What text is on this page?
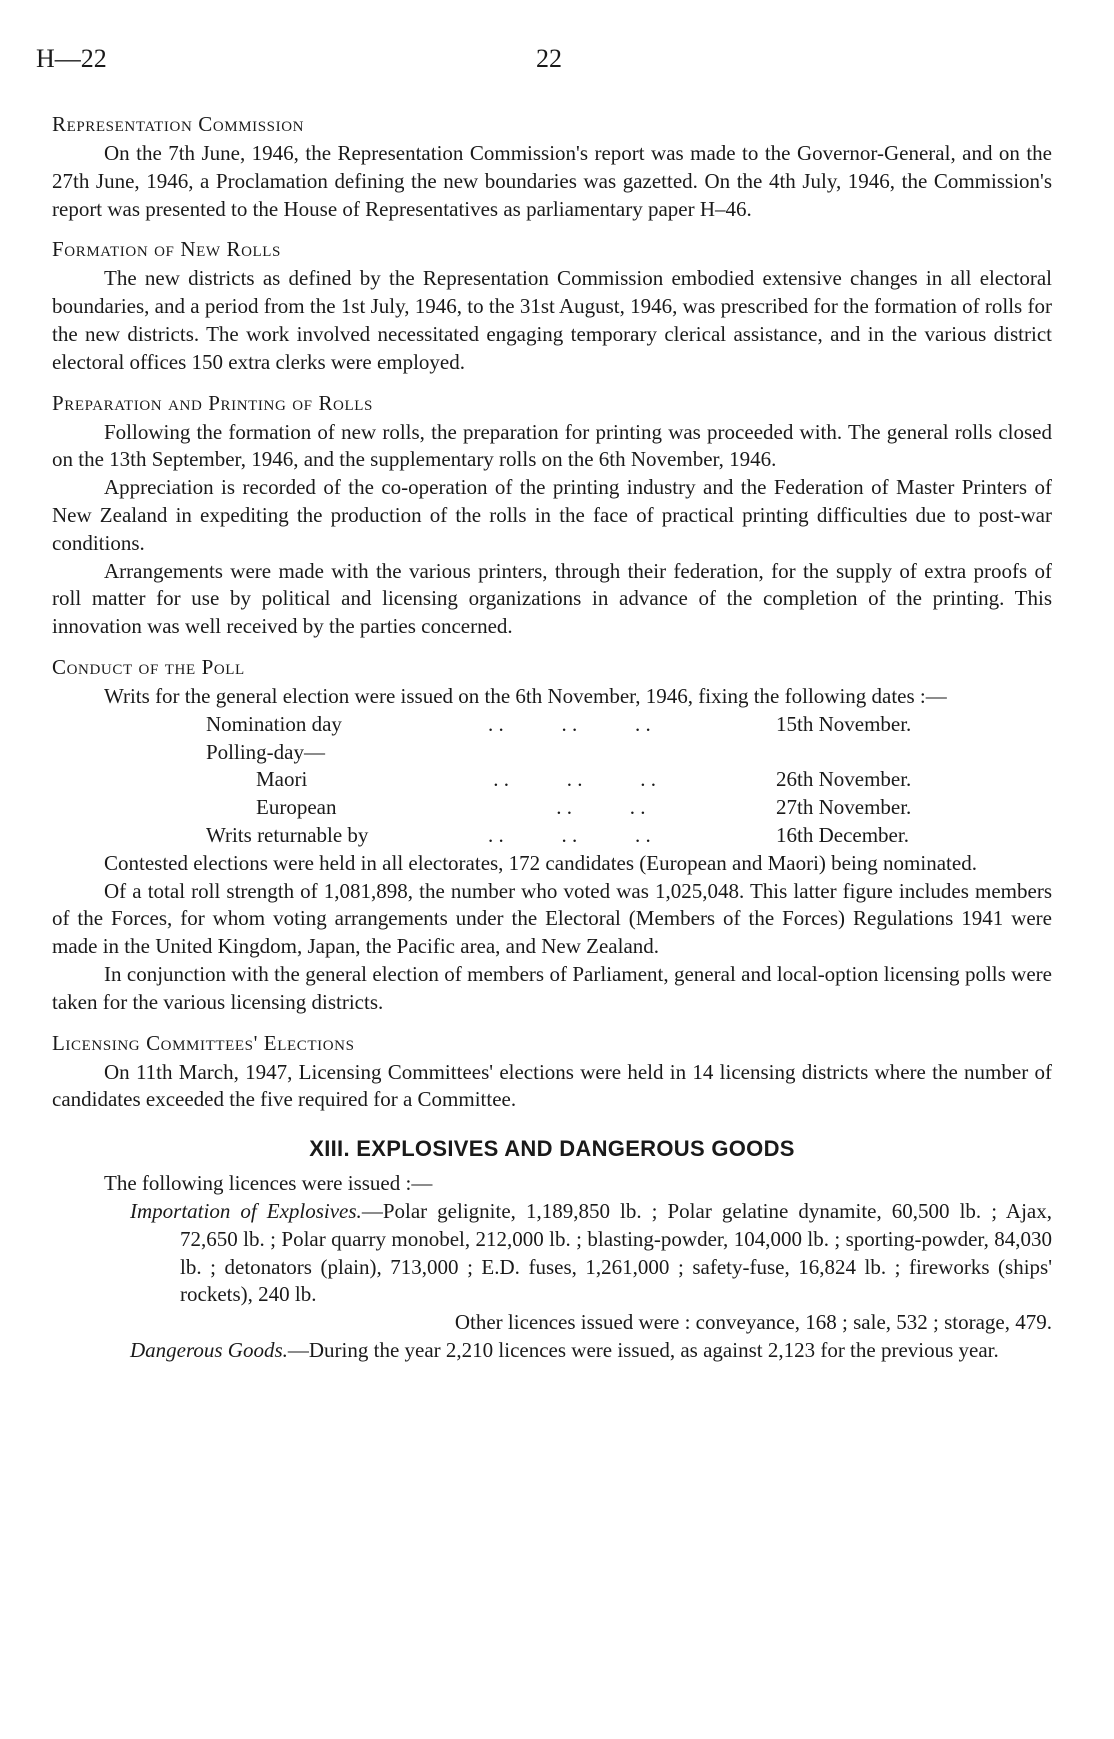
H—22	22
Representation Commission

On the 7th June, 1946, the Representation Commission's report was made to the Governor-General, and on the 27th June, 1946, a Proclamation defining the new boundaries was gazetted. On the 4th July, 1946, the Commission's report was presented to the House of Representatives as parliamentary paper H–46.

Formation of New Rolls

The new districts as defined by the Representation Commission embodied extensive changes in all electoral boundaries, and a period from the 1st July, 1946, to the 31st August, 1946, was prescribed for the formation of rolls for the new districts. The work involved necessitated engaging temporary clerical assistance, and in the various district electoral offices 150 extra clerks were employed.

Preparation and Printing of Rolls

Following the formation of new rolls, the preparation for printing was proceeded with. The general rolls closed on the 13th September, 1946, and the supplementary rolls on the 6th November, 1946.

Appreciation is recorded of the co-operation of the printing industry and the Federation of Master Printers of New Zealand in expediting the production of the rolls in the face of practical printing difficulties due to post-war conditions.

Arrangements were made with the various printers, through their federation, for the supply of extra proofs of roll matter for use by political and licensing organizations in advance of the completion of the printing. This innovation was well received by the parties concerned.

Conduct of the Poll

Writs for the general election were issued on the 6th November, 1946, fixing the following dates :—

Nomination day	. .           . .           . .	15th November.
Polling-day—
Maori	. .           . .           . .	26th November.
European	. .           . .	27th November.
Writs returnable by	. .           . .           . .	16th December.

Contested elections were held in all electorates, 172 candidates (European and Maori) being nominated.

Of a total roll strength of 1,081,898, the number who voted was 1,025,048. This latter figure includes members of the Forces, for whom voting arrangements under the Electoral (Members of the Forces) Regulations 1941 were made in the United Kingdom, Japan, the Pacific area, and New Zealand.

In conjunction with the general election of members of Parliament, general and local-option licensing polls were taken for the various licensing districts.

Licensing Committees' Elections

On 11th March, 1947, Licensing Committees' elections were held in 14 licensing districts where the number of candidates exceeded the five required for a Committee.

XIII. EXPLOSIVES AND DANGEROUS GOODS

The following licences were issued :—

Importation of Explosives.—Polar gelignite, 1,189,850 lb. ; Polar gelatine dynamite, 60,500 lb. ; Ajax, 72,650 lb. ; Polar quarry monobel, 212,000 lb. ; blasting-powder, 104,000 lb. ; sporting-powder, 84,030 lb. ; detonators (plain), 713,000 ; E.D. fuses, 1,261,000 ; safety-fuse, 16,824 lb. ; fireworks (ships' rockets), 240 lb.

Other licences issued were : conveyance, 168 ; sale, 532 ; storage, 479.

Dangerous Goods.—During the year 2,210 licences were issued, as against 2,123 for the previous year.
